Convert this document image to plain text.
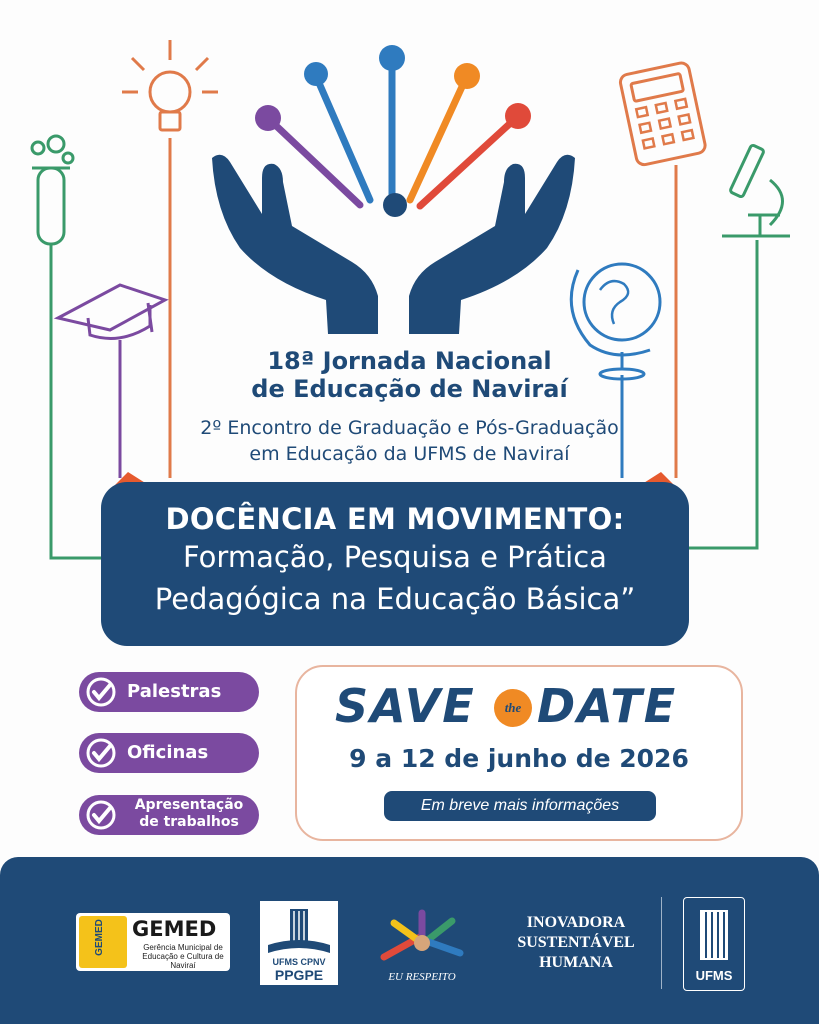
18ª Jornada Nacional
de Educação de Naviraí
2º Encontro de Graduação e Pós-Graduação
em Educação da UFMS de Naviraí
DOCÊNCIA EM MOVIMENTO:
Formação, Pesquisa e Prática
Pedagógica na Educação Básica”
Palestras
Oficinas
Apresentação de trabalhos
SAVE	the DATE
9 a 12 de junho de 2026
Em breve mais informações
GEMED GEMED
Gerência Municipal de Educação e Cultura de Naviraí	UFMS CPNV
PPGPE	EU RESPEITO
INOVADORA
SUSTENTÁVEL
HUMANA
UFMS
